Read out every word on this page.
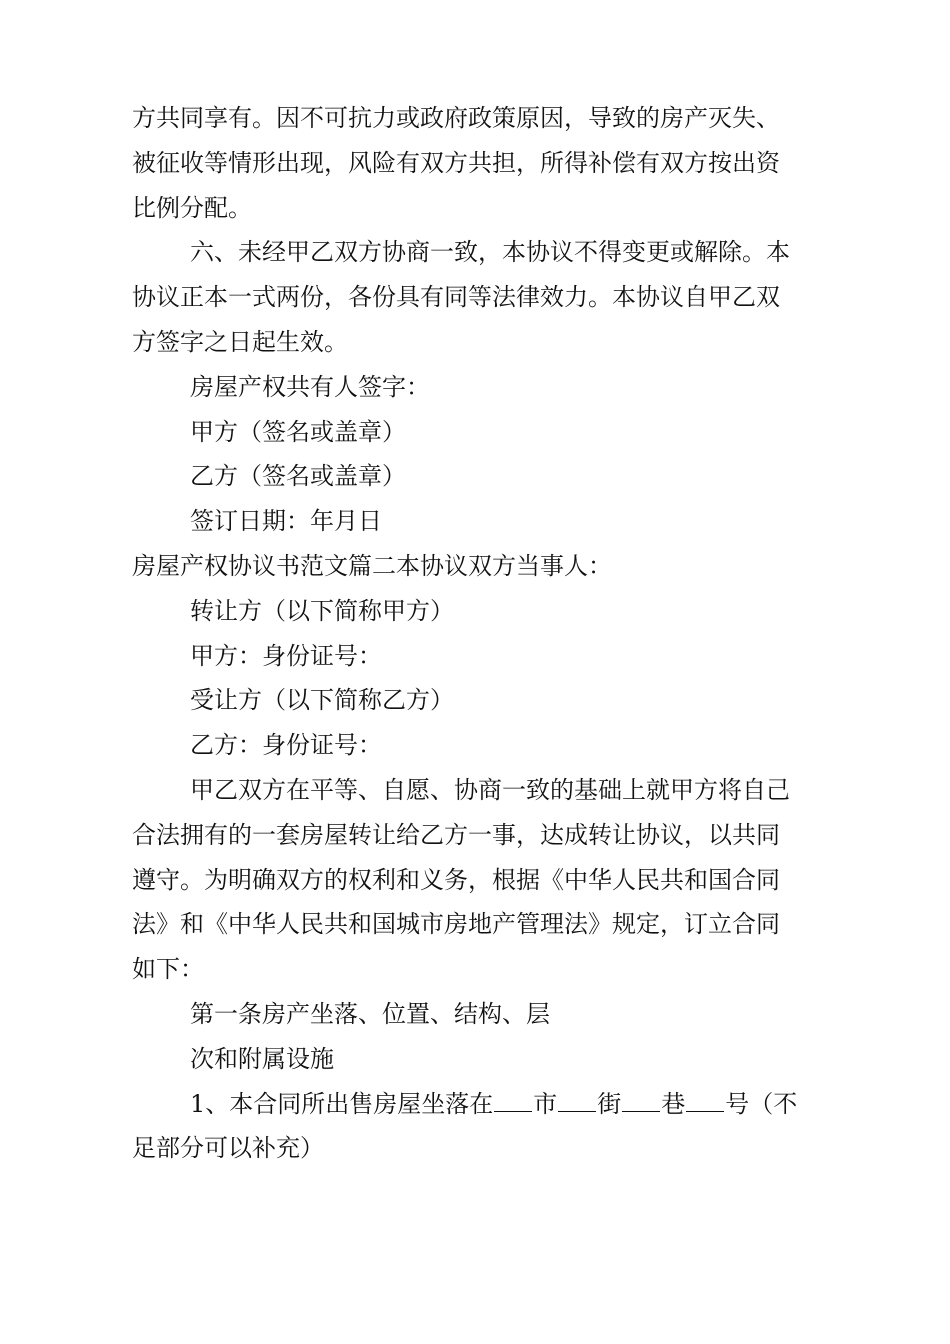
方共同享有。因不可抗力或政府政策原因，导致的房产灭失、

被征收等情形出现，风险有双方共担，所得补偿有双方按出资

比例分配。

六、未经甲乙双方协商一致，本协议不得变更或解除。本

协议正本一式两份，各份具有同等法律效力。本协议自甲乙双

方签字之日起生效。

房屋产权共有人签字：

甲方（签名或盖章）

乙方（签名或盖章）

签订日期：年月日

房屋产权协议书范文篇二本协议双方当事人：

转让方（以下简称甲方）

甲方：身份证号：

受让方（以下简称乙方）

乙方：身份证号：

甲乙双方在平等、自愿、协商一致的基础上就甲方将自己

合法拥有的一套房屋转让给乙方一事，达成转让协议，以共同

遵守。为明确双方的权利和义务，根据《中华人民共和国合同

法》和《中华人民共和国城市房地产管理法》规定，订立合同

如下：

第一条房产坐落、位置、结构、层

次和附属设施

1、本合同所出售房屋坐落在 市 街 巷 号（不

足部分可以补充）
